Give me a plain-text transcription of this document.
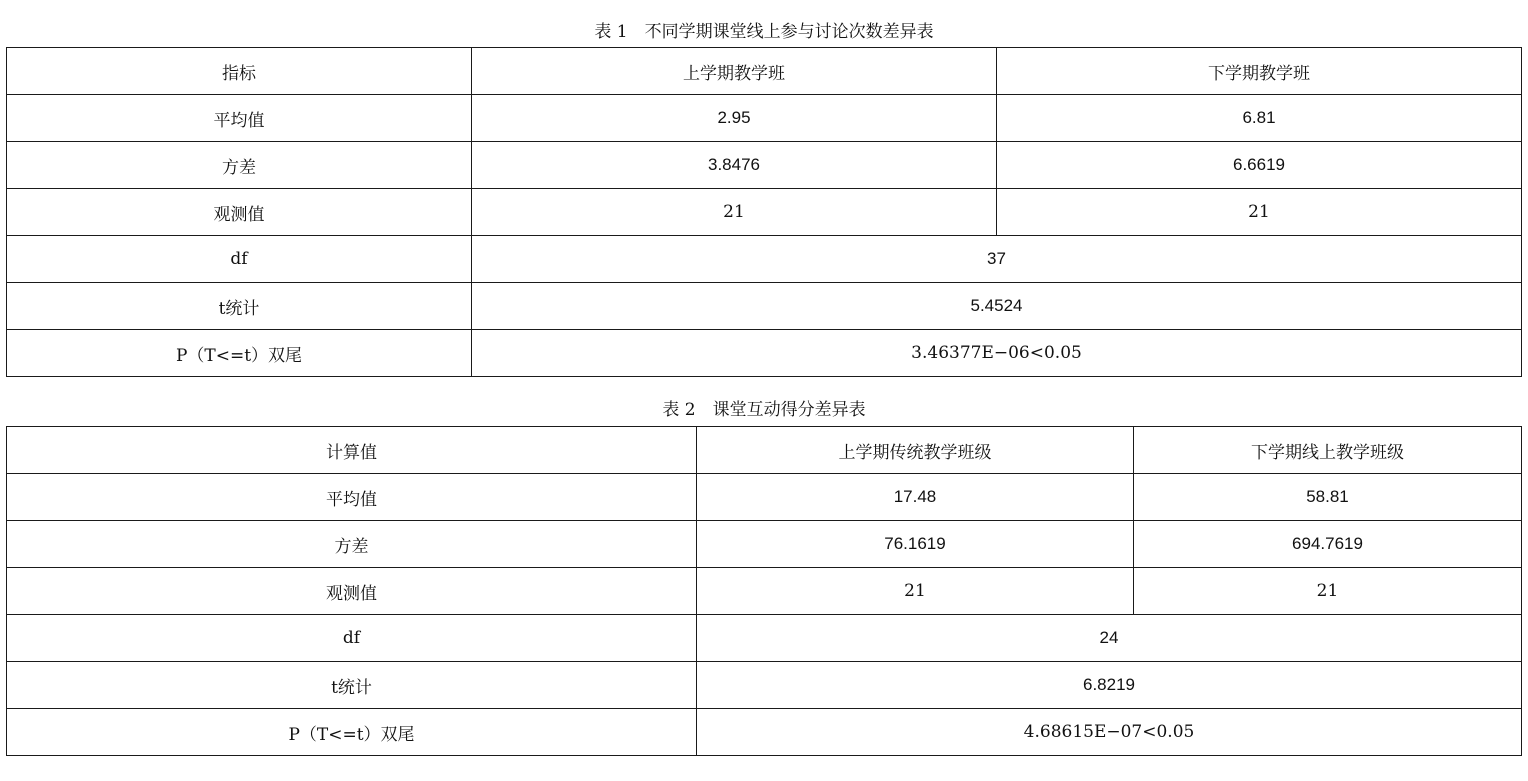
表 1　不同学期课堂线上参与讨论次数差异表
指标	上学期教学班	下学期教学班
平均值	2.95	6.81
方差	3.8476	6.6619
观测值	21	21
df	37	
t统计	5.4524	
P（T<=t）双尾	3.46377E−06<0.05	
表 2　课堂互动得分差异表
计算值	上学期传统教学班级	下学期线上教学班级
平均值	17.48	58.81
方差	76.1619	694.7619
观测值	21	21
df	24	
t统计	6.8219	
P（T<=t）双尾	4.68615E−07<0.05	
